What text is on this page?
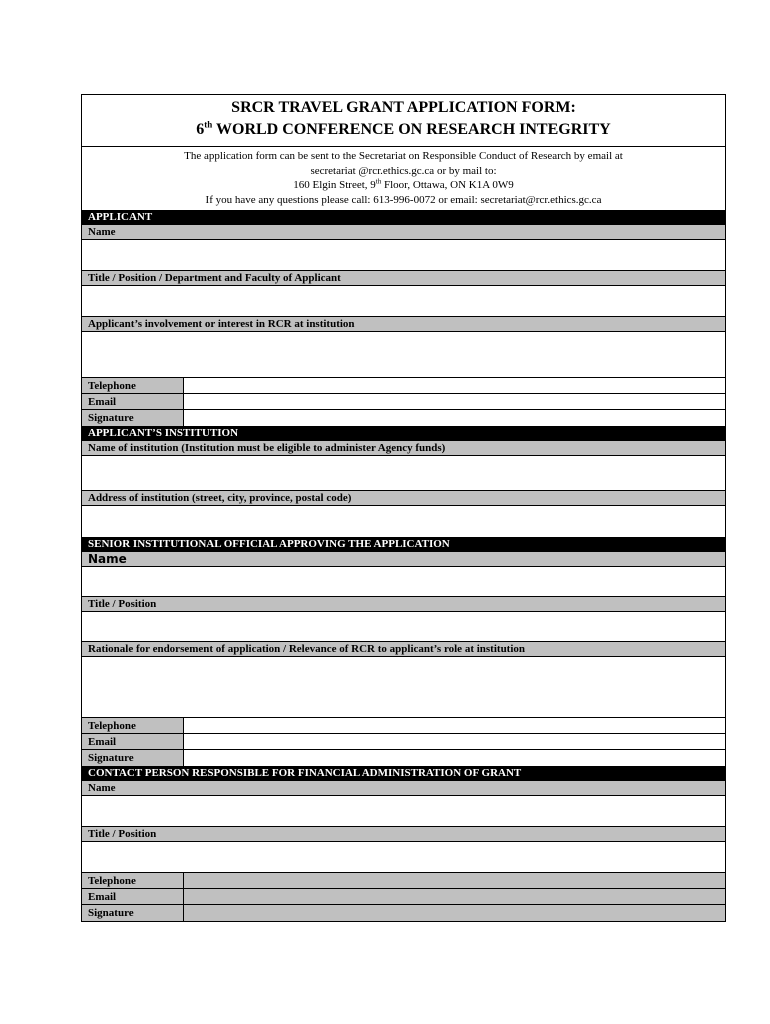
SRCR TRAVEL GRANT APPLICATION FORM:
6th WORLD CONFERENCE ON RESEARCH INTEGRITY
The application form can be sent to the Secretariat on Responsible Conduct of Research by email at
secretariat @rcr.ethics.gc.ca or by mail to:
160 Elgin Street, 9th Floor, Ottawa, ON K1A 0W9
If you have any questions please call: 613-996-0072 or email: secretariat@rcr.ethics.gc.ca
APPLICANT
Name
Title / Position / Department and Faculty of Applicant
Applicant’s involvement or interest in RCR at institution
Telephone
Email
Signature
APPLICANT’S INSTITUTION
Name of institution (Institution must be eligible to administer Agency funds)
Address of institution (street, city, province, postal code)
SENIOR INSTITUTIONAL OFFICIAL APPROVING THE APPLICATION
Name
Title / Position
Rationale for endorsement of application / Relevance of RCR to applicant’s role at institution
Telephone
Email
Signature
CONTACT PERSON RESPONSIBLE FOR FINANCIAL ADMINISTRATION OF GRANT
Name
Title / Position
Telephone
Email
Signature
